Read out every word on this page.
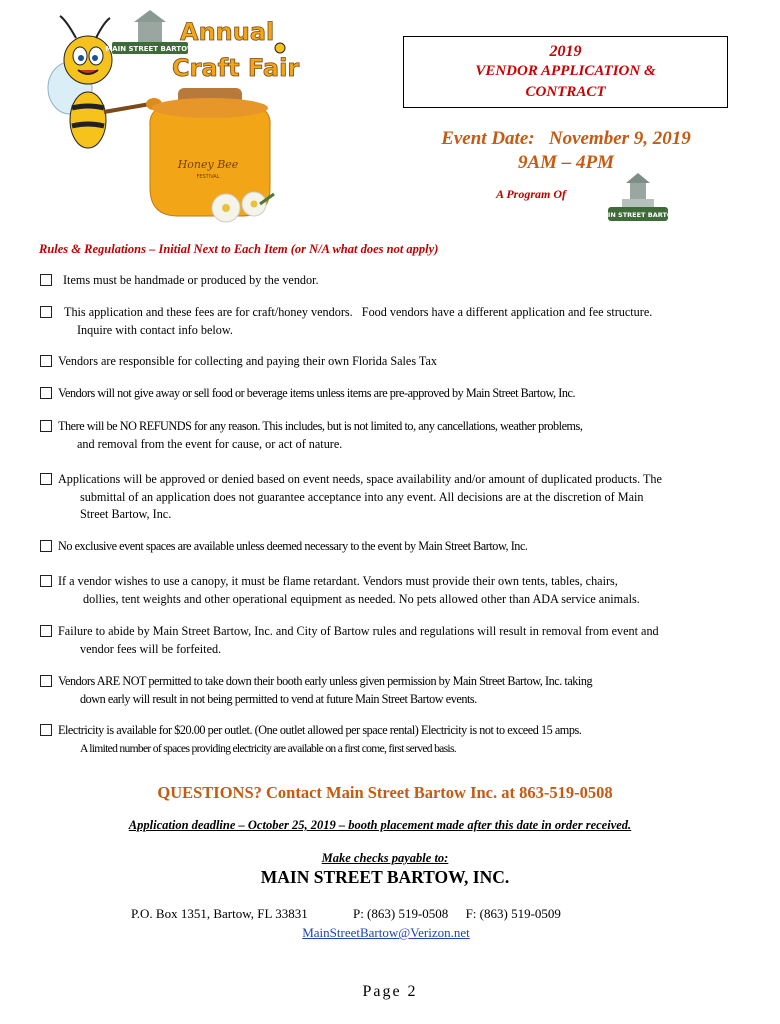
MAIN STREET BARTOW
Annual
Craft Fair
Honey Bee
FESTIVAL
2019
VENDOR APPLICATION &
CONTRACT
Event Date:   November 9, 2019
9AM – 4PM
A Program Of
MAIN STREET BARTOW
Rules & Regulations – Initial Next to Each Item (or N/A what does not apply)
Items must be handmade or produced by the vendor.
This application and these fees are for craft/honey vendors.   Food vendors have a different application and fee structure.
Inquire with contact info below.
Vendors are responsible for collecting and paying their own Florida Sales Tax
Vendors will not give away or sell food or beverage items unless items are pre-approved by Main Street Bartow, Inc.
There will be NO REFUNDS for any reason. This includes, but is not limited to, any cancellations, weather problems,
and removal from the event for cause, or act of nature.
Applications will be approved or denied based on event needs, space availability and/or amount of duplicated products. The
submittal of an application does not guarantee acceptance into any event. All decisions are at the discretion of Main
Street Bartow, Inc.
No exclusive event spaces are available unless deemed necessary to the event by Main Street Bartow, Inc.
If a vendor wishes to use a canopy, it must be flame retardant. Vendors must provide their own tents, tables, chairs,
dollies, tent weights and other operational equipment as needed. No pets allowed other than ADA service animals.
Failure to abide by Main Street Bartow, Inc. and City of Bartow rules and regulations will result in removal from event and
vendor fees will be forfeited.
Vendors ARE NOT permitted to take down their booth early unless given permission by Main Street Bartow, Inc. taking
down early will result in not being permitted to vend at future Main Street Bartow events.
Electricity is available for $20.00 per outlet. (One outlet allowed per space rental) Electricity is not to exceed 15 amps.
A limited number of spaces providing electricity are available on a first come, first served basis.
QUESTIONS? Contact Main Street Bartow Inc. at 863-519-0508
Application deadline – October 25, 2019 – booth placement made after this date in order received.
Make checks payable to:
MAIN STREET BARTOW, INC.
P.O. Box 1351, Bartow, FL 33831	P: (863) 519-0508 F: (863) 519-0509
MainStreetBartow@Verizon.net
Page 2
